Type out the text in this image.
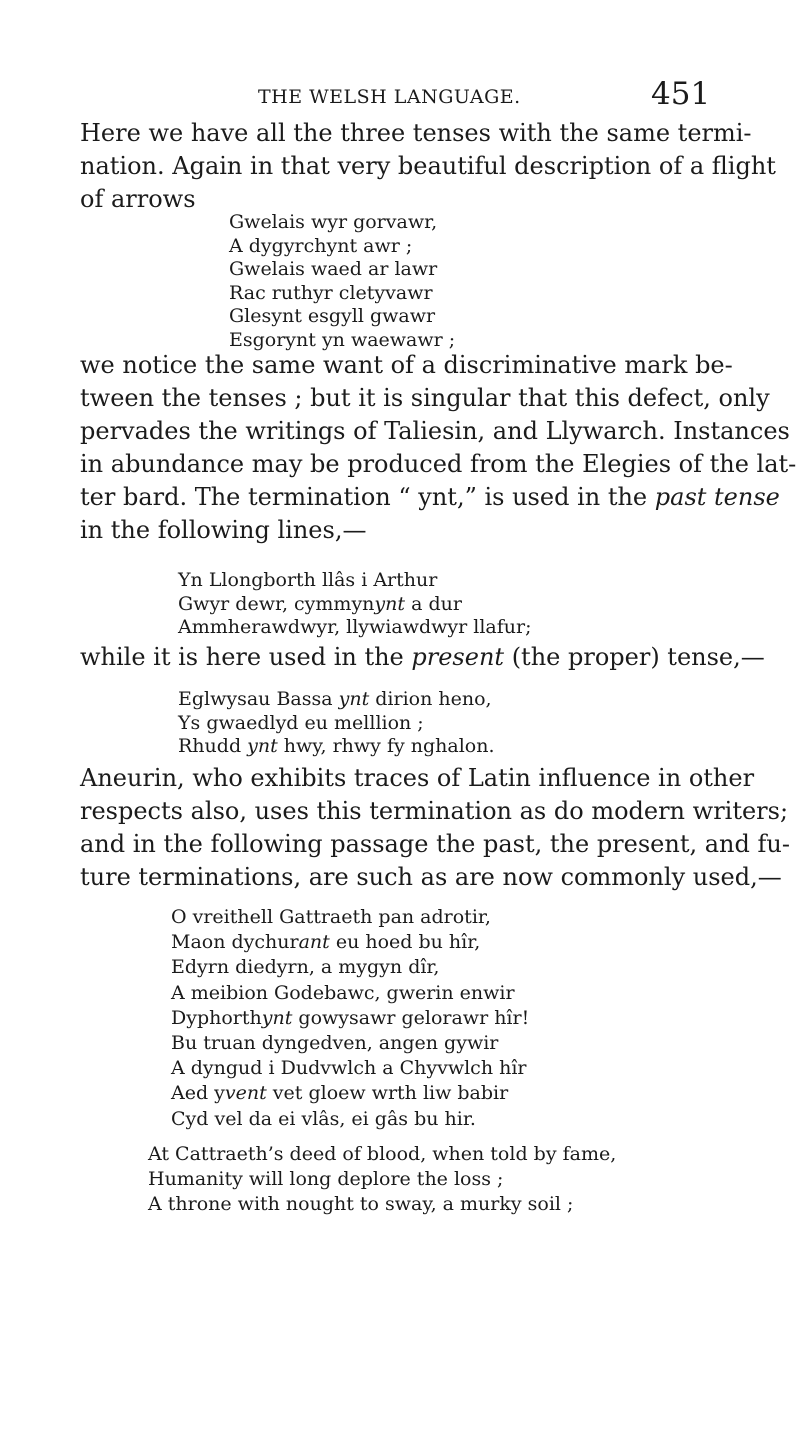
THE WELSH LANGUAGE.	451
Here we have all the three tenses with the same termi-
nation. Again in that very beautiful description of a flight
of arrows
Gwelais wyr gorvawr,
A dygyrchynt awr ;
Gwelais waed ar lawr
Rac ruthyr cletyvawr
Glesynt esgyll gwawr
Esgorynt yn waewawr ;
we notice the same want of a discriminative mark be-
tween the tenses ; but it is singular that this defect, only
pervades the writings of Taliesin, and Llywarch. Instances
in abundance may be produced from the Elegies of the lat-
ter bard. The termination “ ynt,” is used in the past tense
in the following lines,—
Yn Llongborth llâs i Arthur
Gwyr dewr, cymmynynt a dur
Ammherawdwyr, llywiawdwyr llafur;
while it is here used in the present (the proper) tense,—
Eglwysau Bassa ynt dirion heno,
Ys gwaedlyd eu melllion ;
Rhudd ynt hwy, rhwy fy nghalon.
Aneurin, who exhibits traces of Latin influence in other
respects also, uses this termination as do modern writers;
and in the following passage the past, the present, and fu-
ture terminations, are such as are now commonly used,—
O vreithell Gattraeth pan adrotir,
Maon dychurant eu hoed bu hîr,
Edyrn diedyrn, a mygyn dîr,
A meibion Godebawc, gwerin enwir
Dyphorthynt gowysawr gelorawr hîr!
Bu truan dyngedven, angen gywir
A dyngud i Dudvwlch a Chyvwlch hîr
Aed yvent vet gloew wrth liw babir
Cyd vel da ei vlâs, ei gâs bu hir.
At Cattraeth’s deed of blood, when told by fame,
Humanity will long deplore the loss ;
A throne with nought to sway, a murky soil ;
